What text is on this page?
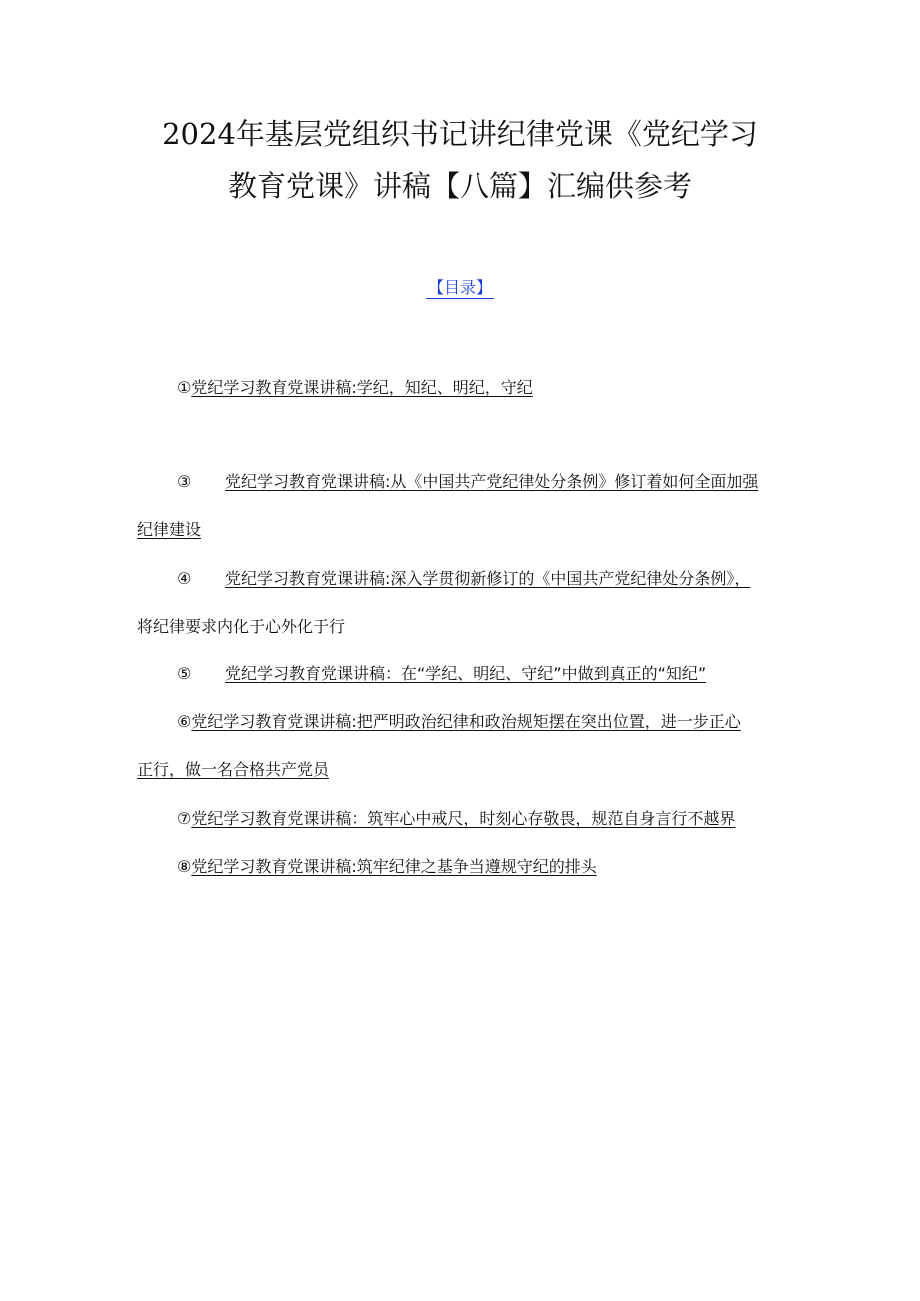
2024年基层党组织书记讲纪律党课《党纪学习
教育党课》讲稿【八篇】汇编供参考
【目录】
①党纪学习教育党课讲稿:学纪，知纪、明纪，守纪
③ 党纪学习教育党课讲稿:从《中国共产党纪律处分条例》修订着如何全面加强
纪律建设
④ 党纪学习教育党课讲稿:深入学贯彻新修订的《中国共产党纪律处分条例》，
将纪律要求内化于心外化于行
⑤ 党纪学习教育党课讲稿：在“学纪、明纪、守纪”中做到真正的“知纪”
⑥党纪学习教育党课讲稿:把严明政治纪律和政治规矩摆在突出位置，进一步正心
正行，做一名合格共产党员
⑦党纪学习教育党课讲稿：筑牢心中戒尺，时刻心存敬畏，规范自身言行不越界
⑧党纪学习教育党课讲稿:筑牢纪律之基争当遵规守纪的排头
